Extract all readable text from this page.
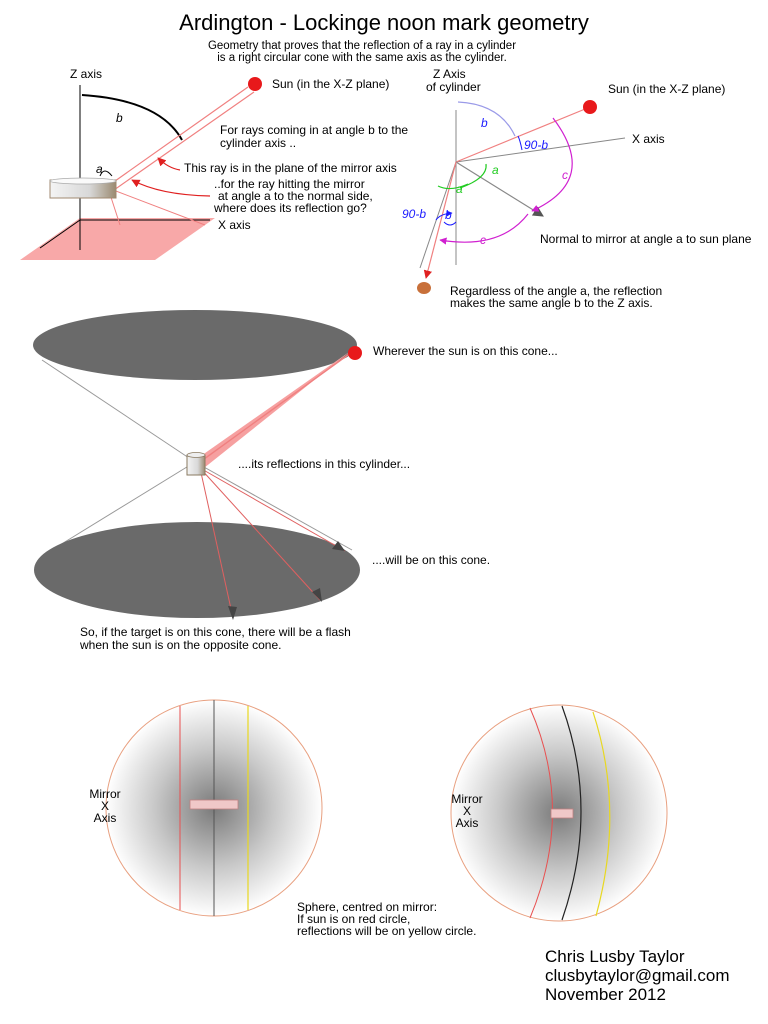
Ardington - Lockinge noon mark geometry
Geometry that proves that the reflection of a ray in a cylinder
is a right circular cone with the same axis as the cylinder.
Z axis
X axis
b
a
Sun (in the X-Z plane)
For rays coming in at angle b to the
cylinder axis ..
This ray is in the plane of the mirror axis
..for the ray hitting the mirror
at angle a to the normal side,
where does its reflection go?
Z Axis
of cylinder
X axis
Sun (in the X-Z plane)
Normal to mirror at angle a to sun plane
Regardless of the angle a, the reflection
makes the same angle b to the Z axis.
b
90-b
c
a
a
90-b b
c
Wherever the sun is on this cone...
....its reflections in this cylinder...
....will be on this cone.
So, if the target is on this cone, there will be a flash
when the sun is on the opposite cone.
Mirror
X
Axis
Mirror
X
Axis
Sphere, centred on mirror:
If sun is on red circle,
reflections will be on yellow circle.
Chris Lusby Taylor
clusbytaylor@gmail.com
November 2012
